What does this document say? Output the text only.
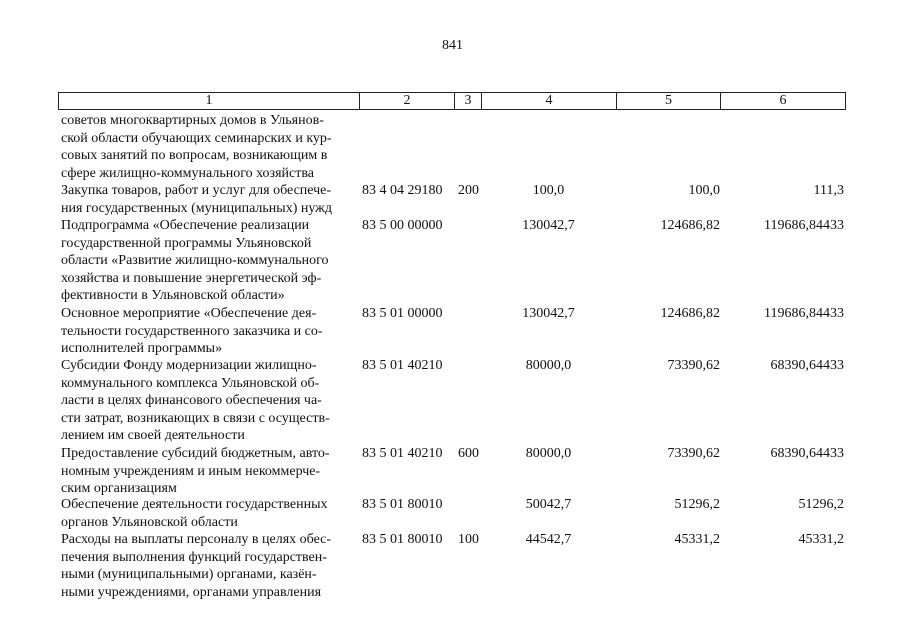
841
1	2	3	4	5	6
советов многоквартирных домов в Ульянов-
ской области обучающих семинарских и кур-
совых занятий по вопросам, возникающим в
сфере жилищно-коммунального хозяйства
Закупка товаров, работ и услуг для обеспече-
ния государственных (муниципальных) нужд
83 4 04 29180 200	100,0	100,0	111,3
Подпрограмма «Обеспечение реализации
государственной программы Ульяновской
области «Развитие жилищно-коммунального
хозяйства и повышение энергетической эф-
фективности в Ульяновской области»
83 5 00 00000	130042,7	124686,82	119686,84433
Основное мероприятие «Обеспечение дея-
тельности государственного заказчика и со-
исполнителей программы»
83 5 01 00000	130042,7	124686,82	119686,84433
Субсидии Фонду модернизации жилищно-
коммунального комплекса Ульяновской об-
ласти в целях финансового обеспечения ча-
сти затрат, возникающих в связи с осуществ-
лением им своей деятельности
83 5 01 40210	80000,0	73390,62	68390,64433
Предоставление субсидий бюджетным, авто-
номным учреждениям и иным некоммерче-
ским организациям
83 5 01 40210 600	80000,0	73390,62	68390,64433
Обеспечение деятельности государственных
органов Ульяновской области
83 5 01 80010	50042,7	51296,2	51296,2
Расходы на выплаты персоналу в целях обес-
печения выполнения функций государствен-
ными (муниципальными) органами, казён-
ными учреждениями, органами управления
83 5 01 80010 100	44542,7	45331,2	45331,2
